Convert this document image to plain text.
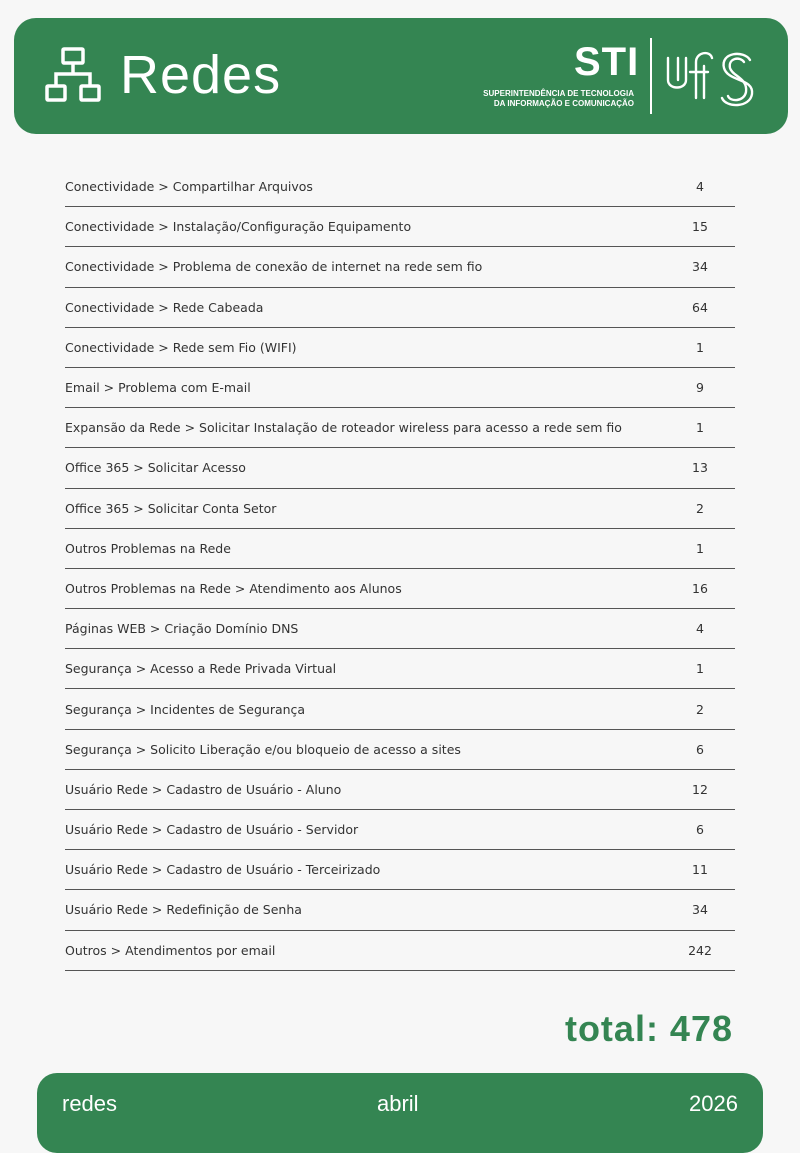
Redes	STI
SUPERINTENDÊNCIA DE TECNOLOGIA
DA INFORMAÇÃO E COMUNICAÇÃO
Conectividade > Compartilhar Arquivos	4
Conectividade > Instalação/Configuração Equipamento	15
Conectividade > Problema de conexão de internet na rede sem fio	34
Conectividade > Rede Cabeada	64
Conectividade > Rede sem Fio (WIFI)	1
Email > Problema com E-mail	9
Expansão da Rede > Solicitar Instalação de roteador wireless para acesso a rede sem fio	1
Office 365 > Solicitar Acesso	13
Office 365 > Solicitar Conta Setor	2
Outros Problemas na Rede	1
Outros Problemas na Rede > Atendimento aos Alunos	16
Páginas WEB > Criação Domínio DNS	4
Segurança > Acesso a Rede Privada Virtual	1
Segurança > Incidentes de Segurança	2
Segurança > Solicito Liberação e/ou bloqueio de acesso a sites	6
Usuário Rede > Cadastro de Usuário - Aluno	12
Usuário Rede > Cadastro de Usuário - Servidor	6
Usuário Rede > Cadastro de Usuário - Terceirizado	11
Usuário Rede > Redefinição de Senha	34
Outros > Atendimentos por email	242
total: 478
redes	abril	2026
